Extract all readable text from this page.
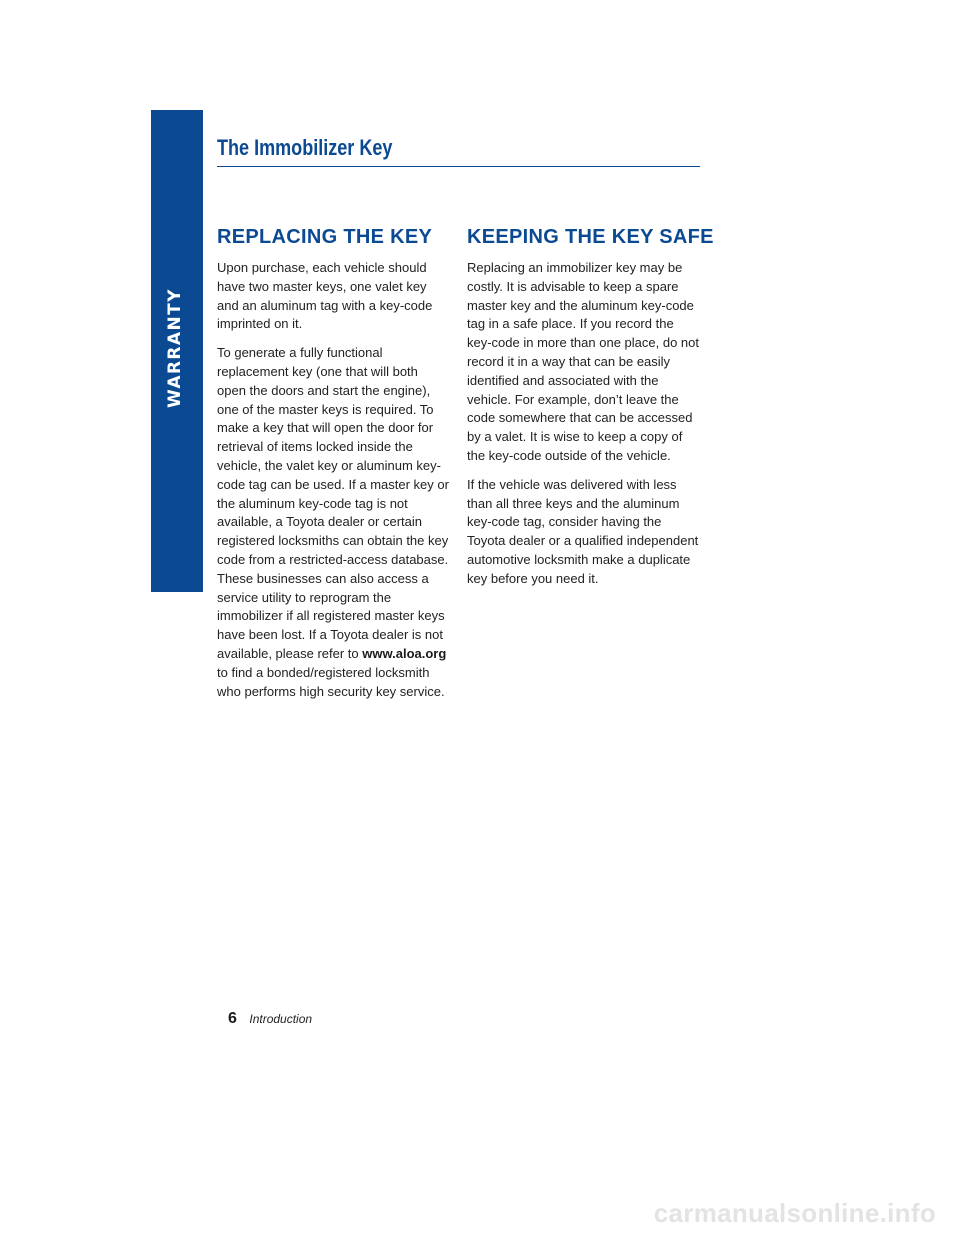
WARRANTY
The Immobilizer Key
REPLACING THE KEY

Upon purchase, each vehicle should have two master keys, one valet key and an aluminum tag with a key-code imprinted on it.

To generate a fully functional replacement key (one that will both open the doors and start the engine), one of the master keys is required. To make a key that will open the door for retrieval of items locked inside the vehicle, the valet key or aluminum key-code tag can be used. If a master key or the aluminum key-code tag is not available, a Toyota dealer or certain registered locksmiths can obtain the key code from a restricted-access database. These businesses can also access a service utility to reprogram the immobilizer if all registered master keys have been lost. If a Toyota dealer is not available, please refer to www.aloa.org to find a bonded/registered locksmith who performs high security key service.

KEEPING THE KEY SAFE

Replacing an immobilizer key may be costly. It is advisable to keep a spare master key and the aluminum key-code tag in a safe place. If you record the key-code in more than one place, do not record it in a way that can be easily identified and associated with the vehicle. For example, don’t leave the code somewhere that can be accessed by a valet. It is wise to keep a copy of the key-code outside of the vehicle.

If the vehicle was delivered with less than all three keys and the aluminum key-code tag, consider having the Toyota dealer or a qualified independent automotive locksmith make a duplicate key before you need it.

6 Introduction
carmanualsonline.info
